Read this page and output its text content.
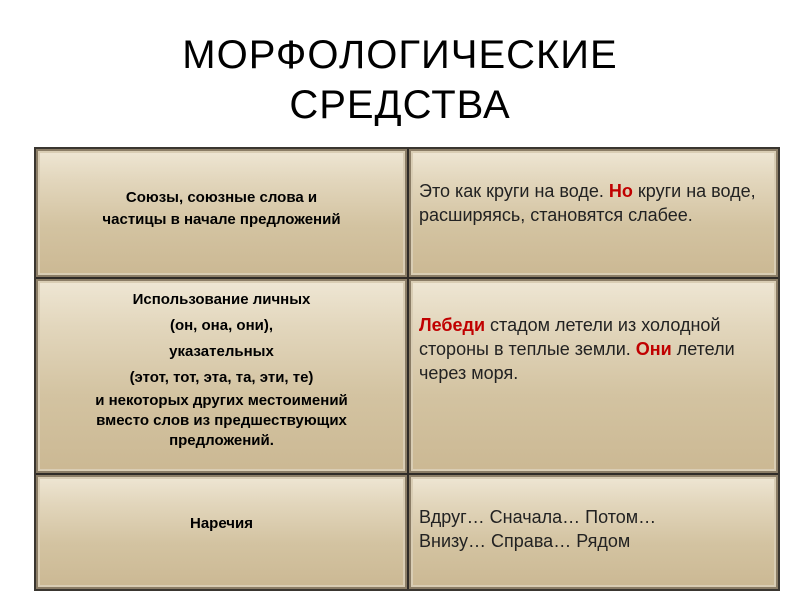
МОРФОЛОГИЧЕСКИЕ
СРЕДСТВА
Союзы, союзные слова и
частицы в начале предложений
Это как круги на воде. Но круги на воде, расширяясь, становятся слабее.
Использование личных
(он, она, они),
указательных
(этот, тот, эта, та, эти, те)
и некоторых других местоимений
вместо слов из предшествующих
предложений.
Лебеди стадом летели из холодной стороны в теплые земли. Они летели через моря.
Наречия	Вдруг… Сначала… Потом…
Внизу… Справа… Рядом
